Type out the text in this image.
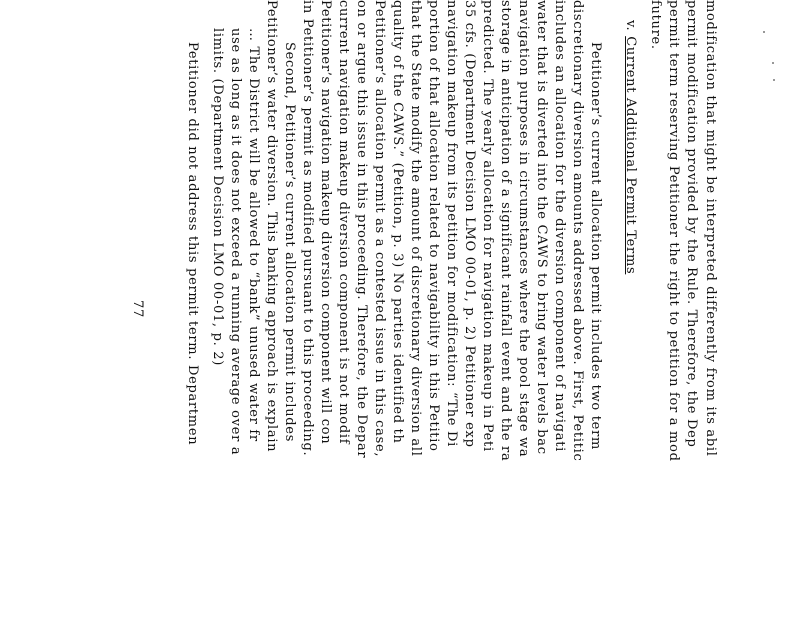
v. Current Additional Permit Terms
77	modification that might be interpreted differently from its abil
permit modification provided by the Rule. Therefore, the Dep
permit term reserving Petitioner the right to petition for a mod
future.
Petitioner’s current allocation permit includes two term
discretionary diversion amounts addressed above. First, Petitic
includes an allocation for the diversion component of navigati
water that is diverted into the CAWS to bring water levels bac
navigation purposes in circumstances where the pool stage wa
storage in anticipation of a significant rainfall event and the ra
predicted. The yearly allocation for navigation makeup in Peti
35 cfs. (Department Decision LMO 00-01, p. 2) Petitioner exp
navigation makeup from its petition for modification: “The Di
portion of that allocation related to navigability in this Petitio
that the State modify the amount of discretionary diversion all
quality of the CAWS.” (Petition, p. 3) No parties identified th
Petitioner’s allocation permit as a contested issue in this case,
on or argue this issue in this proceeding. Therefore, the Depar
current navigation makeup diversion component is not modif
Petitioner’s navigation makeup diversion component will con
in Petitioner’s permit as modified pursuant to this proceeding.
Second, Petitioner’s current allocation permit includes
Petitioner’s water diversion. This banking approach is explain
… The District will be allowed to “bank” unused water fr
use as long as it does not exceed a running average over a
limits. (Department Decision LMO 00-01, p. 2)
Petitioner did not address this permit term. Departmen
